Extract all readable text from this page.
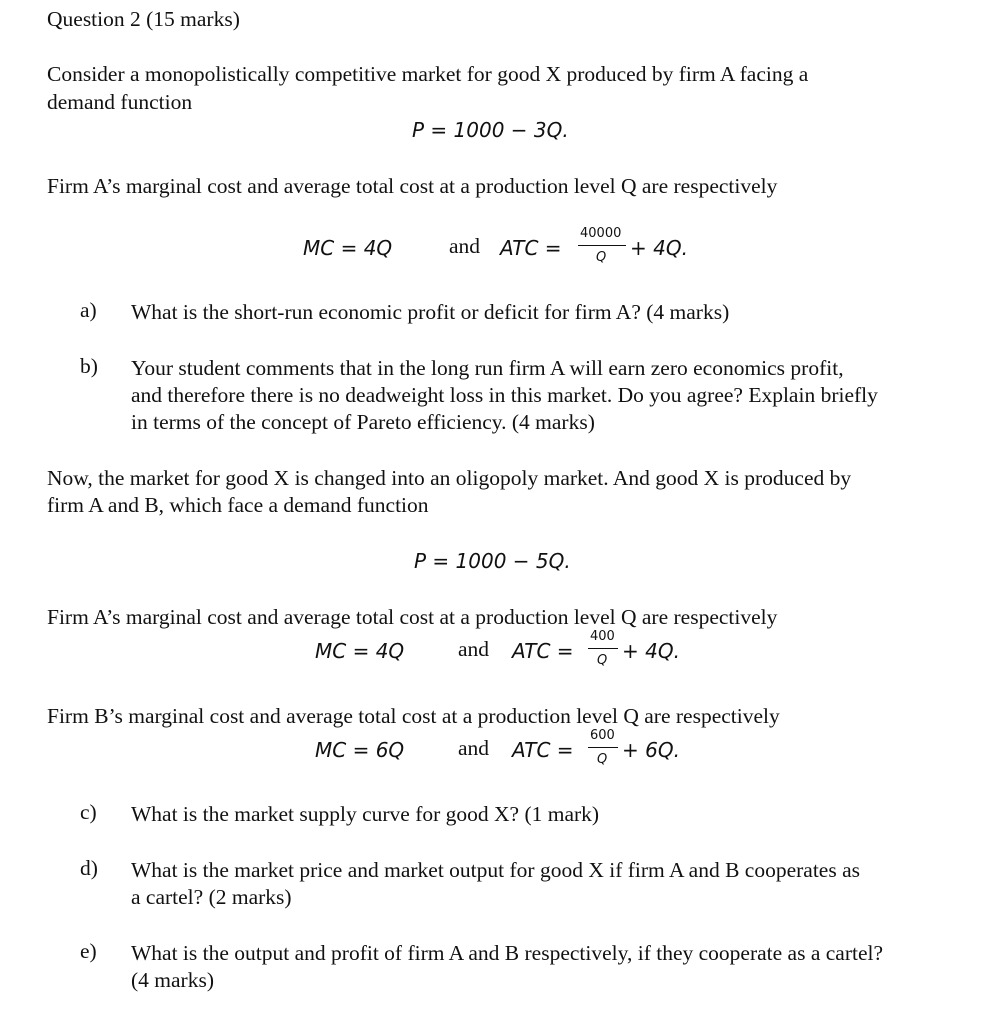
Question 2 (15 marks)
Consider a monopolistically competitive market for good X produced by firm A facing a
demand function
P = 1000 − 3Q.
Firm A’s marginal cost and average total cost at a production level Q are respectively
MC = 4Q	and ATC =
40000
Q + 4Q.
a) What is the short-run economic profit or deficit for firm A? (4 marks)
b) Your student comments that in the long run firm A will earn zero economics profit,
and therefore there is no deadweight loss in this market. Do you agree? Explain briefly
in terms of the concept of Pareto efficiency. (4 marks)
Now, the market for good X is changed into an oligopoly market. And good X is produced by
firm A and B, which face a demand function
P = 1000 − 5Q.
Firm A’s marginal cost and average total cost at a production level Q are respectively
MC = 4Q	and ATC =
400
Q + 4Q.
Firm B’s marginal cost and average total cost at a production level Q are respectively
MC = 6Q	and ATC =
600
Q + 6Q.
c) What is the market supply curve for good X? (1 mark)
d) What is the market price and market output for good X if firm A and B cooperates as
a cartel? (2 marks)
e) What is the output and profit of firm A and B respectively, if they cooperate as a cartel?
(4 marks)
